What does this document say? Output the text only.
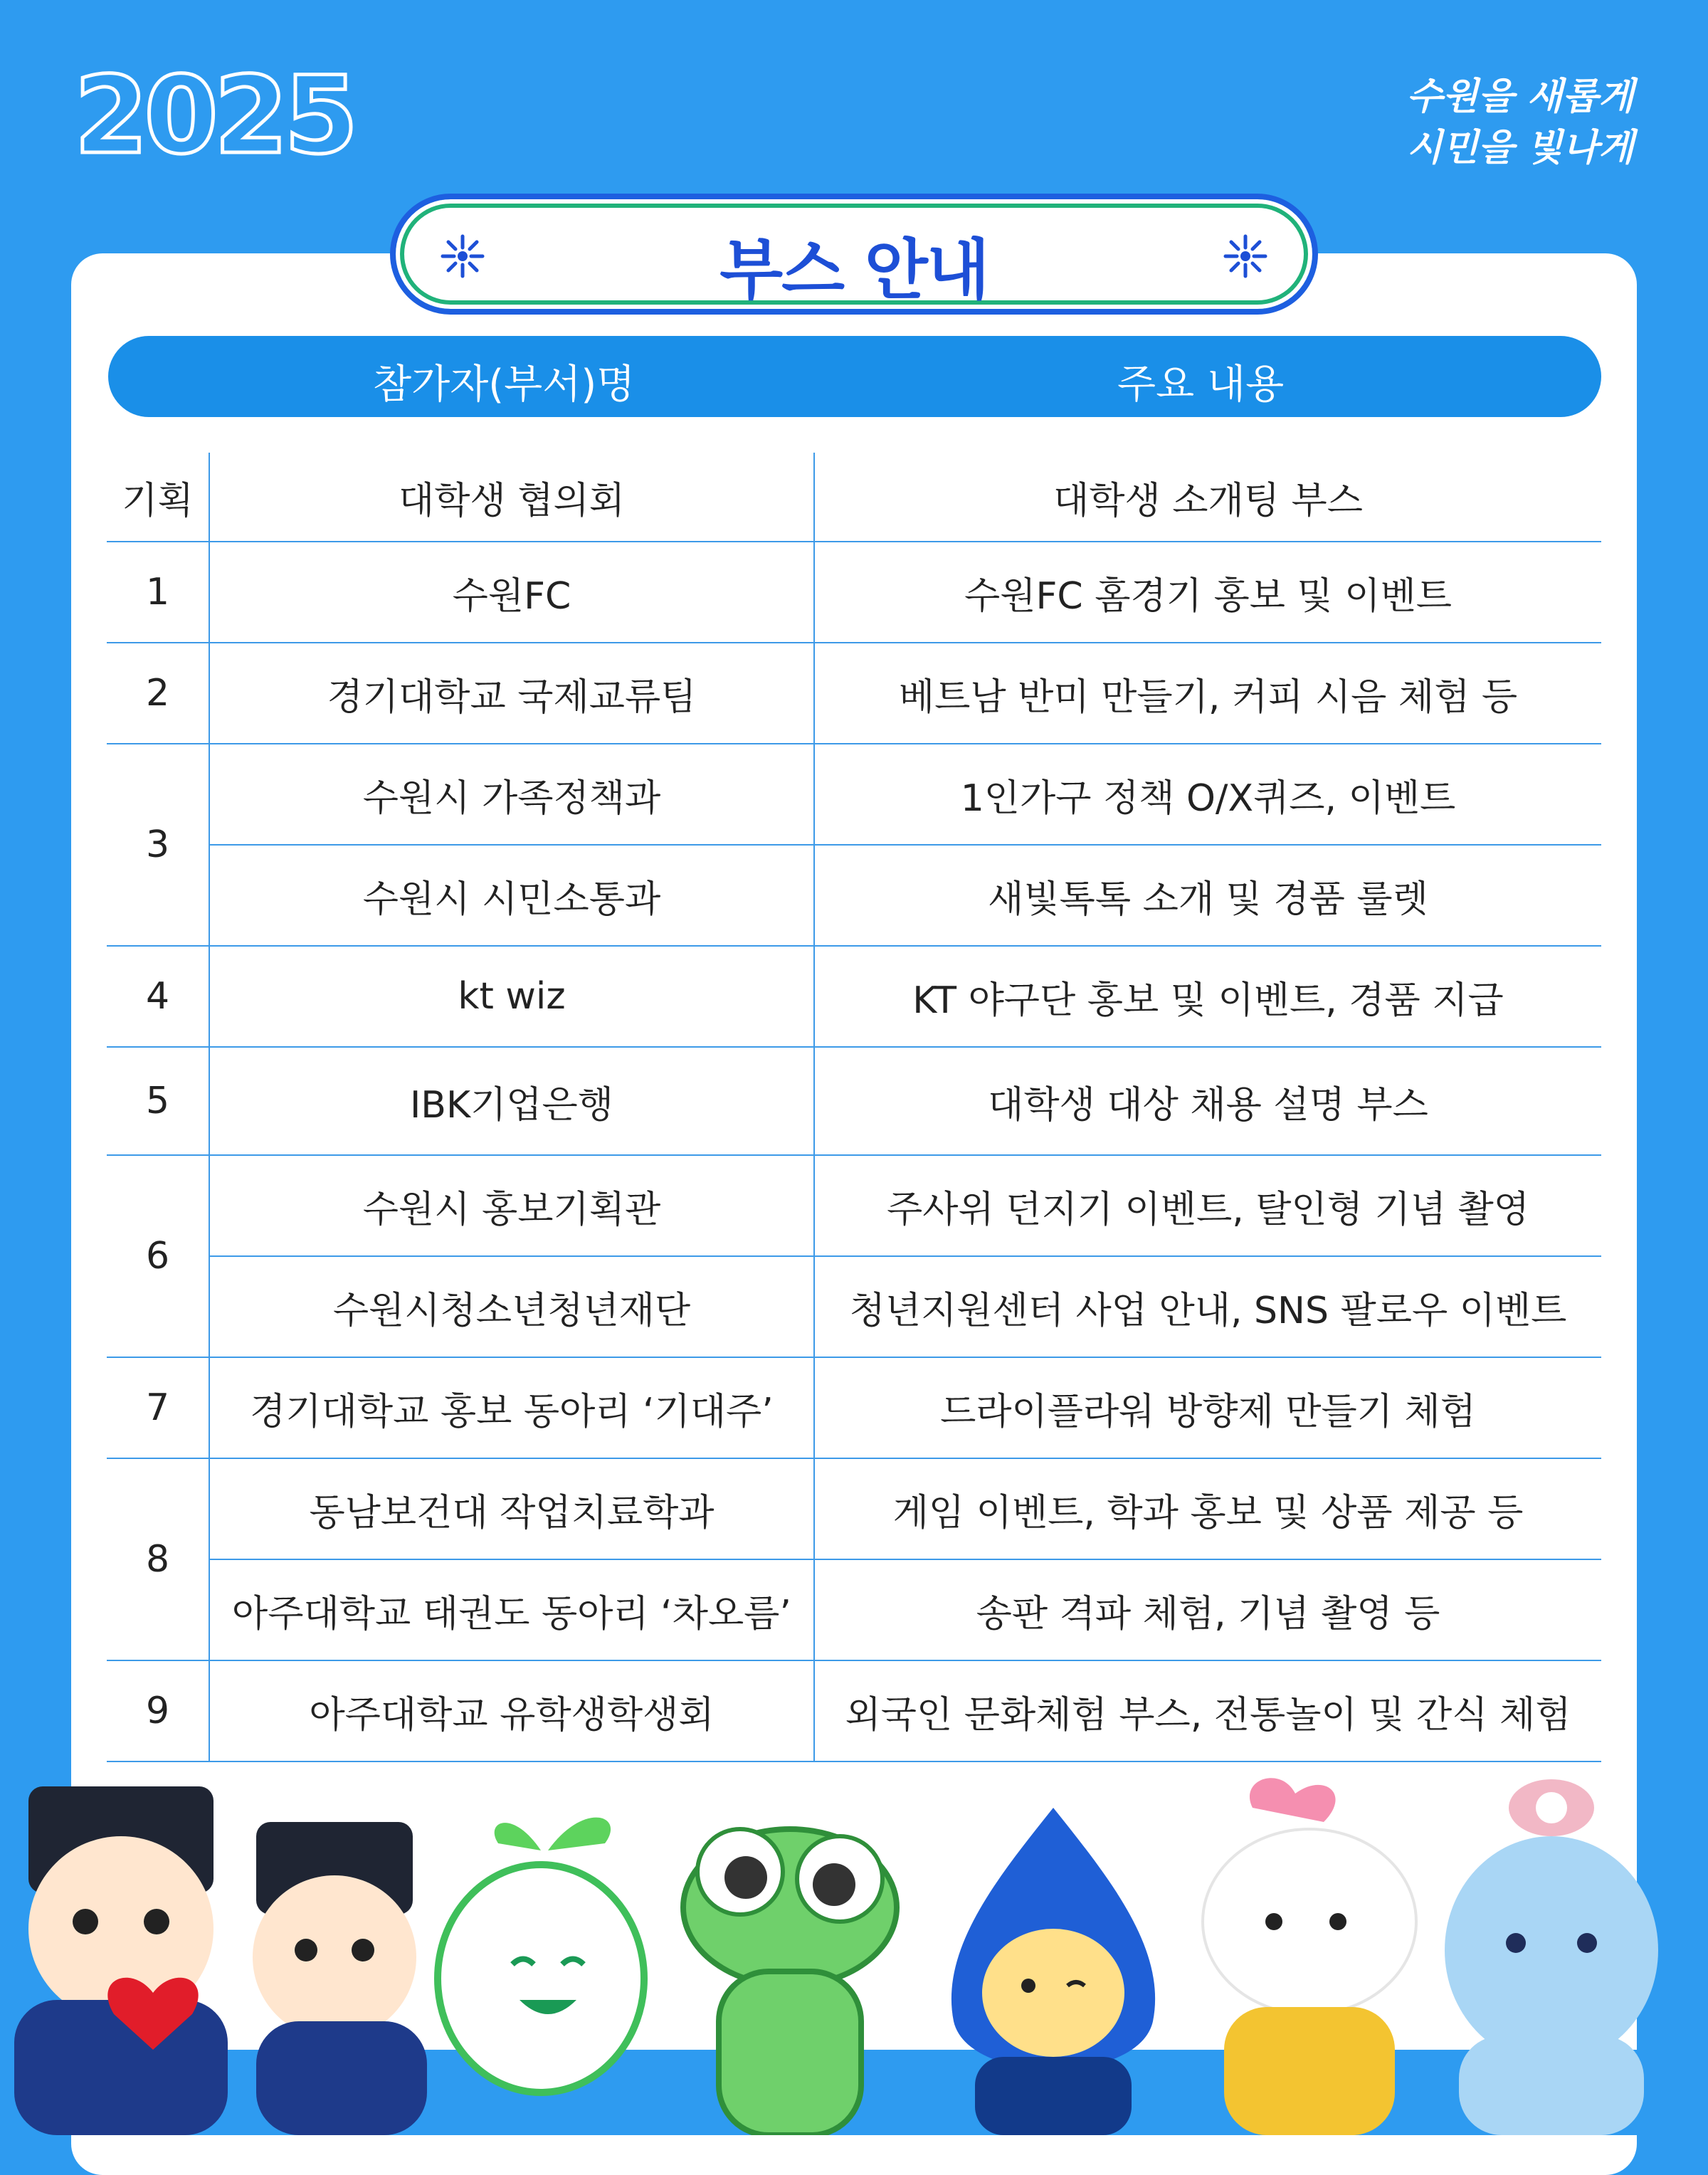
2025	수원을 새롭게
시민을 빛나게
부스 안내
참가자(부서)명	주요 내용
기획	대학생 협의회	대학생 소개팅 부스
1	수원FC	수원FC 홈경기 홍보 및 이벤트
2	경기대학교 국제교류팀	베트남 반미 만들기, 커피 시음 체험 등
3	수원시 가족정책과	1인가구 정책 O/X퀴즈, 이벤트
	수원시 시민소통과	새빛톡톡 소개 및 경품 룰렛
4	kt wiz	KT 야구단 홍보 및 이벤트, 경품 지급
5	IBK기업은행	대학생 대상 채용 설명 부스
6	수원시 홍보기획관	주사위 던지기 이벤트, 탈인형 기념 촬영
	수원시청소년청년재단	청년지원센터 사업 안내, SNS 팔로우 이벤트
7	경기대학교 홍보 동아리 ‘기대주’	드라이플라워 방향제 만들기 체험
8	동남보건대 작업치료학과	게임 이벤트, 학과 홍보 및 상품 제공 등
	아주대학교 태권도 동아리 ‘차오름’	송판 격파 체험, 기념 촬영 등
9	아주대학교 유학생학생회	외국인 문화체험 부스, 전통놀이 및 간식 체험
